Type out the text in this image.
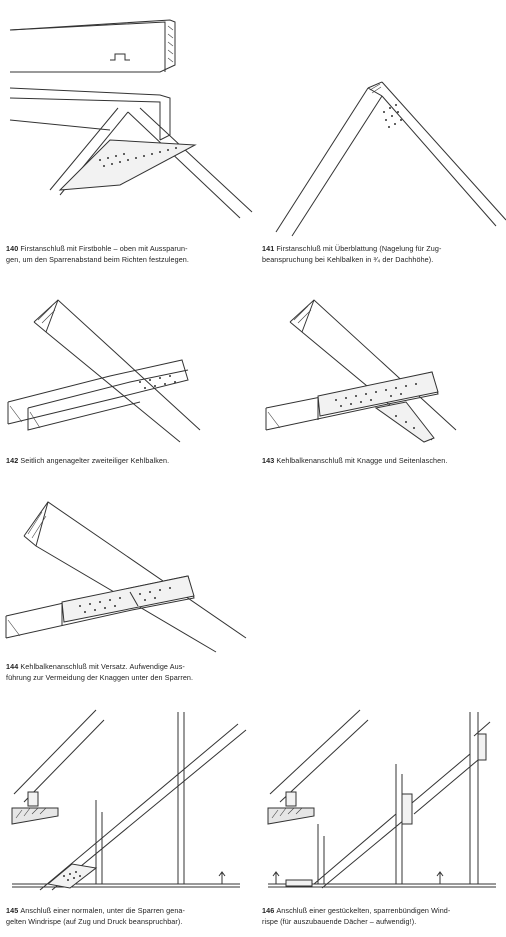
140 Firstanschluß mit Firstbohle – oben mit Aussparun-
gen, um den Sparrenabstand beim Richten festzulegen.
141 Firstanschluß mit Überblattung (Nagelung für Zug-
beanspruchung bei Kehlbalken in ³⁄₄ der Dachhöhe).
142 Seitlich angenagelter zweiteiliger Kehlbalken.	143 Kehlbalkenanschluß mit Knagge und Seitenlaschen.
144 Kehlbalkenanschluß mit Versatz. Aufwendige Aus-
führung zur Vermeidung der Knaggen unter den Sparren.
145 Anschluß einer normalen, unter die Sparren gena-
gelten Windrispe (auf Zug und Druck beanspruchbar).
146 Anschluß einer gestückelten, sparrenbündigen Wind-
rispe (für auszubauende Dächer – aufwendig!).
